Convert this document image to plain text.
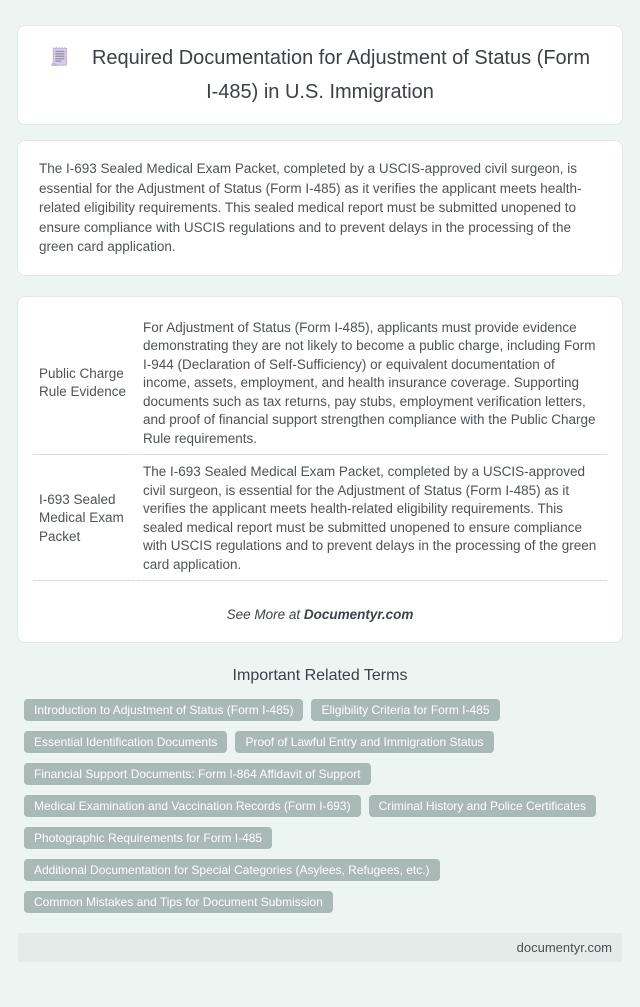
Required Documentation for Adjustment of Status (Form I-485) in U.S. Immigration

The I-693 Sealed Medical Exam Packet, completed by a USCIS-approved civil surgeon, is essential for the Adjustment of Status (Form I-485) as it verifies the applicant meets health-related eligibility requirements. This sealed medical report must be submitted unopened to ensure compliance with USCIS regulations and to prevent delays in the processing of the green card application.

Public Charge Rule Evidence	For Adjustment of Status (Form I-485), applicants must provide evidence demonstrating they are not likely to become a public charge, including Form I-944 (Declaration of Self-Sufficiency) or equivalent documentation of income, assets, employment, and health insurance coverage. Supporting documents such as tax returns, pay stubs, employment verification letters, and proof of financial support strengthen compliance with the Public Charge Rule requirements.
I-693 Sealed Medical Exam Packet	The I-693 Sealed Medical Exam Packet, completed by a USCIS-approved civil surgeon, is essential for the Adjustment of Status (Form I-485) as it verifies the applicant meets health-related eligibility requirements. This sealed medical report must be submitted unopened to ensure compliance with USCIS regulations and to prevent delays in the processing of the green card application.

See More at Documentyr.com

Important Related Terms
Introduction to Adjustment of Status (Form I-485)	Eligibility Criteria for Form I-485
Essential Identification Documents	Proof of Lawful Entry and Immigration Status
Financial Support Documents: Form I-864 Affidavit of Support
Medical Examination and Vaccination Records (Form I-693)	Criminal History and Police Certificates
Photographic Requirements for Form I-485
Additional Documentation for Special Categories (Asylees, Refugees, etc.)
Common Mistakes and Tips for Document Submission
documentyr.com
